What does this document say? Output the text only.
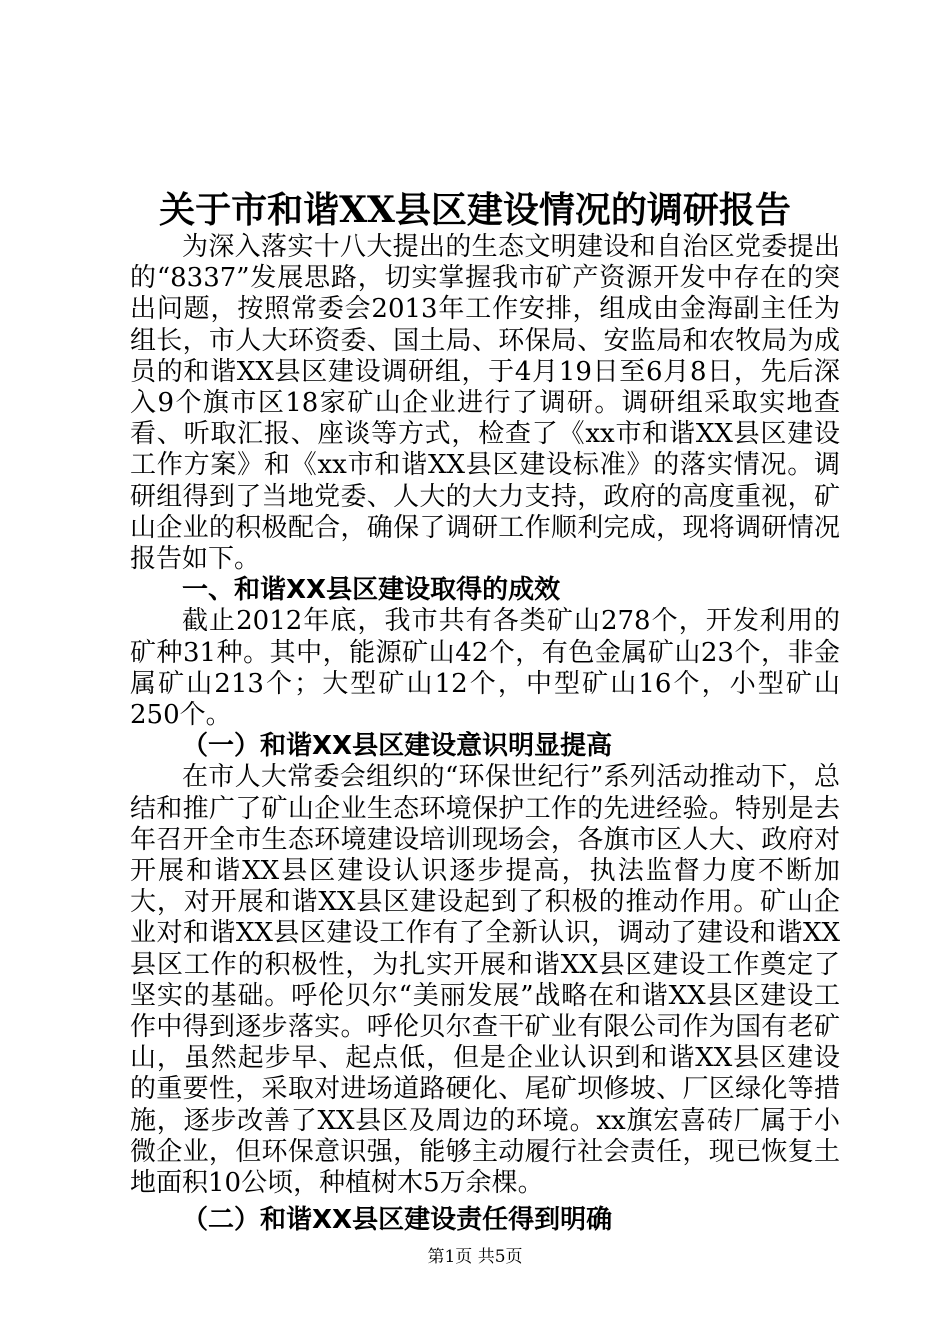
关于市和谐XX县区建设情况的调研报告

为深入落实十八大提出的生态文明建设和自治区党委提出的“8337”发展思路，切实掌握我市矿产资源开发中存在的突出问题，按照常委会2013年工作安排，组成由金海副主任为组长，市人大环资委、国土局、环保局、安监局和农牧局为成员的和谐XX县区建设调研组，于4月19日至6月8日，先后深入9个旗市区18家矿山企业进行了调研。调研组采取实地查看、听取汇报、座谈等方式，检查了《xx市和谐XX县区建设工作方案》和《xx市和谐XX县区建设标准》的落实情况。调研组得到了当地党委、人大的大力支持，政府的高度重视，矿山企业的积极配合，确保了调研工作顺利完成，现将调研情况报告如下。

一、和谐XX县区建设取得的成效

截止2012年底，我市共有各类矿山278个，开发利用的矿种31种。其中，能源矿山42个，有色金属矿山23个，非金属矿山213个；大型矿山12个，中型矿山16个，小型矿山250个。

（一）和谐XX县区建设意识明显提高

在市人大常委会组织的“环保世纪行”系列活动推动下，总结和推广了矿山企业生态环境保护工作的先进经验。特别是去年召开全市生态环境建设培训现场会，各旗市区人大、政府对开展和谐XX县区建设认识逐步提高，执法监督力度不断加大，对开展和谐XX县区建设起到了积极的推动作用。矿山企业对和谐XX县区建设工作有了全新认识，调动了建设和谐XX县区工作的积极性，为扎实开展和谐XX县区建设工作奠定了坚实的基础。呼伦贝尔“美丽发展”战略在和谐XX县区建设工作中得到逐步落实。呼伦贝尔查干矿业有限公司作为国有老矿山，虽然起步早、起点低，但是企业认识到和谐XX县区建设的重要性，采取对进场道路硬化、尾矿坝修坡、厂区绿化等措施，逐步改善了XX县区及周边的环境。xx旗宏喜砖厂属于小微企业，但环保意识强，能够主动履行社会责任，现已恢复土地面积10公顷，种植树木5万余棵。

（二）和谐XX县区建设责任得到明确

第1页 共5页
